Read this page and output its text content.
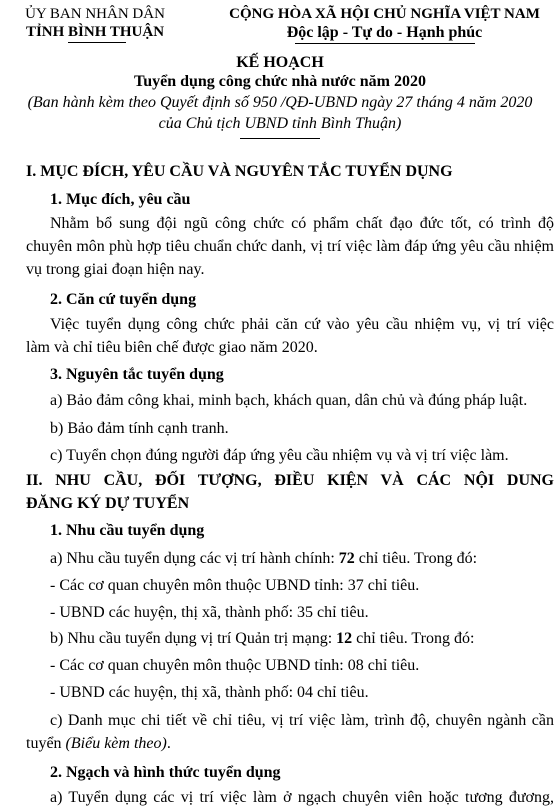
ỦY BAN NHÂN DÂN
TỈNH BÌNH THUẬN
CỘNG HÒA XÃ HỘI CHỦ NGHĨA VIỆT NAM
Độc lập - Tự do - Hạnh phúc
KẾ HOẠCH
Tuyển dụng công chức nhà nước năm 2020
(Ban hành kèm theo Quyết định số 950 /QĐ-UBND ngày 27 tháng 4 năm 2020
của Chủ tịch UBND tỉnh Bình Thuận)
I. MỤC ĐÍCH, YÊU CẦU VÀ NGUYÊN TẮC TUYỂN DỤNG
1. Mục đích, yêu cầu
Nhằm bổ sung đội ngũ công chức có phẩm chất đạo đức tốt, có trình độ
chuyên môn phù hợp tiêu chuẩn chức danh, vị trí việc làm đáp ứng yêu cầu nhiệm
vụ trong giai đoạn hiện nay.
2. Căn cứ tuyển dụng
Việc tuyển dụng công chức phải căn cứ vào yêu cầu nhiệm vụ, vị trí việc
làm và chỉ tiêu biên chế được giao năm 2020.
3. Nguyên tắc tuyển dụng
a) Bảo đảm công khai, minh bạch, khách quan, dân chủ và đúng pháp luật.
b) Bảo đảm tính cạnh tranh.
c) Tuyển chọn đúng người đáp ứng yêu cầu nhiệm vụ và vị trí việc làm.
II. NHU CẦU, ĐỐI TƯỢNG, ĐIỀU KIỆN VÀ CÁC NỘI DUNG
ĐĂNG KÝ DỰ TUYỂN
1. Nhu cầu tuyển dụng
a) Nhu cầu tuyển dụng các vị trí hành chính: 72 chỉ tiêu. Trong đó:
- Các cơ quan chuyên môn thuộc UBND tỉnh: 37 chỉ tiêu.
- UBND các huyện, thị xã, thành phố: 35 chỉ tiêu.
b) Nhu cầu tuyển dụng vị trí Quản trị mạng: 12 chỉ tiêu. Trong đó:
- Các cơ quan chuyên môn thuộc UBND tỉnh: 08 chỉ tiêu.
- UBND các huyện, thị xã, thành phố: 04 chỉ tiêu.
c) Danh mục chi tiết về chỉ tiêu, vị trí việc làm, trình độ, chuyên ngành cần
tuyển (Biểu kèm theo).
2. Ngạch và hình thức tuyển dụng
a) Tuyển dụng các vị trí việc làm ở ngạch chuyên viên hoặc tương đương,
